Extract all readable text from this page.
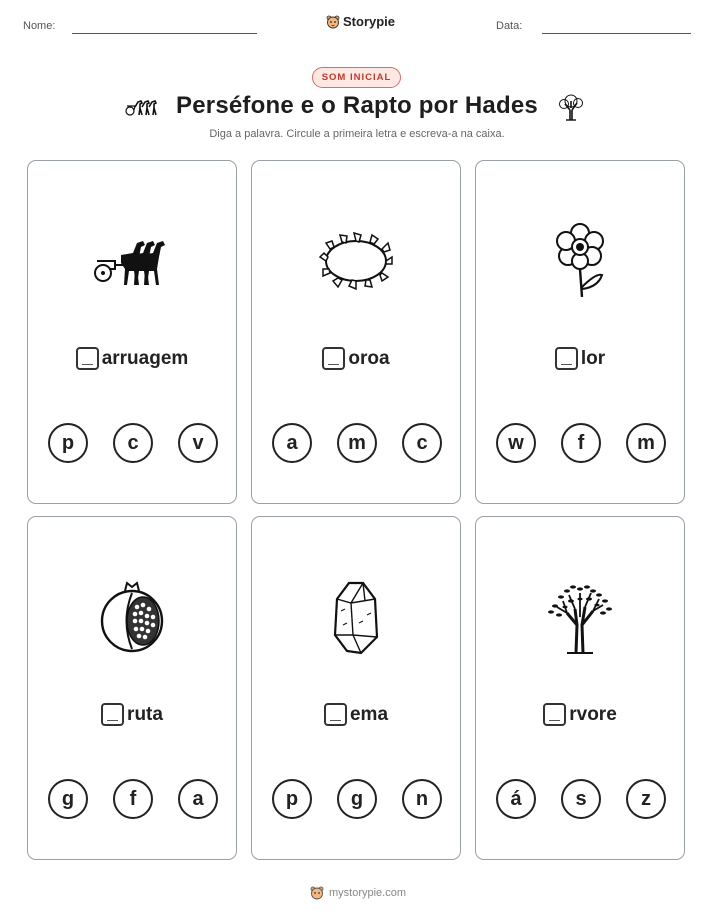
Nome:	Storypie	Data:
SOM INICIAL
Perséfone e o Rapto por Hades
Diga a palavra. Circule a primeira letra e escreva-a na caixa.
arruagem
p	c	v
oroa
a	m	c
lor
w	f	m
ruta
g	f	a
ema
p	g	n
rvore
á	s	z
mystorypie.com
